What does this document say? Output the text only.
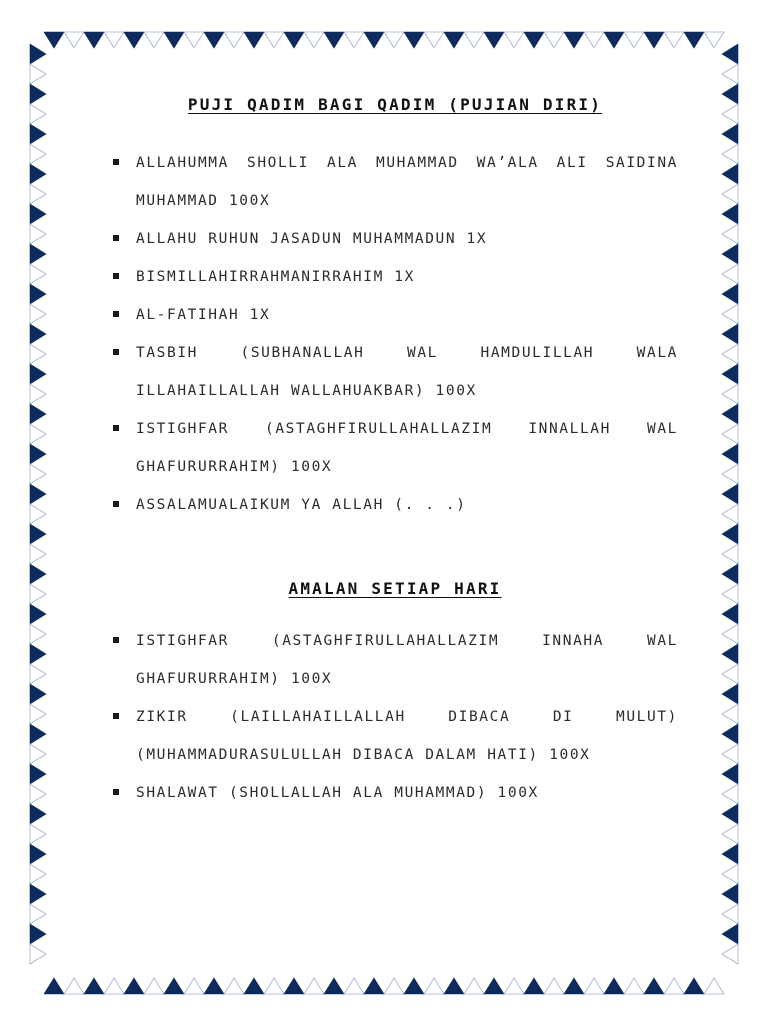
PUJI QADIM BAGI QADIM (PUJIAN DIRI)
ALLAHUMMA SHOLLI ALA MUHAMMAD WA’ALA ALI SAIDINA MUHAMMAD 100X
ALLAHU RUHUN JASADUN MUHAMMADUN 1X
BISMILLAHIRRAHMANIRRAHIM 1X
AL-FATIHAH 1X
TASBIH (SUBHANALLAH WAL HAMDULILLAH WALA ILLAHAILLALLAH WALLAHUAKBAR) 100X
ISTIGHFAR (ASTAGHFIRULLAHALLAZIM INNALLAH WAL GHAFURURRAHIM) 100X
ASSALAMUALAIKUM YA ALLAH (. . .)
AMALAN SETIAP HARI
ISTIGHFAR (ASTAGHFIRULLAHALLAZIM INNAHA WAL GHAFURURRAHIM) 100X
ZIKIR (LAILLAHAILLALLAH DIBACA DI MULUT) (MUHAMMADURASULULLAH DIBACA DALAM HATI) 100X
SHALAWAT (SHOLLALLAH ALA MUHAMMAD) 100X
